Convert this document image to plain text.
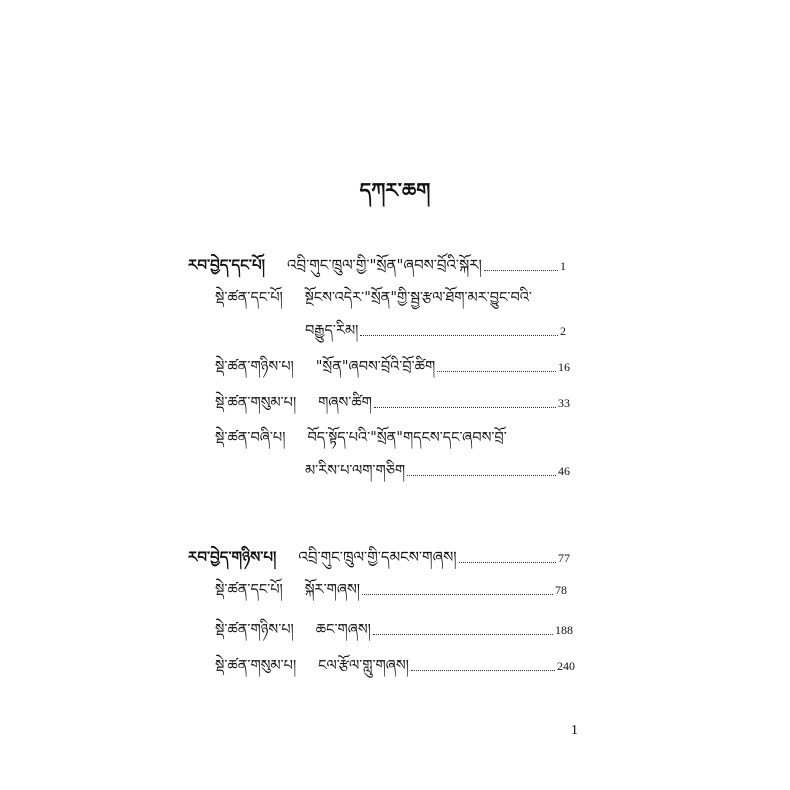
དཀར་ཆག
རབ་བྱེད་དང་པོ། འབྲི་གུང་ཁྲུལ་གྱི་"སྲོན"ཞབས་བྲོའི་སྐོར།	1
སྡེ་ཚན་དང་པོ། སྔོངས་འདེར་"སྲོན"གྱི་སྦྱ་རྩལ་ཐོག་མར་བྱུང་བའི་
བརྒྱུད་རིམ།	2
སྡེ་ཚན་གཉིས་པ། "སྲོན"ཞབས་བྲོའི་བྲོ་ཚིག	16
སྡེ་ཚན་གསུམ་པ། གཞས་ཚིག	33
སྡེ་ཚན་བཞི་པ། བོད་སྟོད་པའི་"སྲོན"གདངས་དང་ཞབས་བྲོ་
མ་རིས་པ་ལག་གཅིག	46
རབ་བྱེད་གཉིས་པ། འབྲི་གུང་ཁྲུལ་གྱི་དམངས་གཞས།	77
སྡེ་ཚན་དང་པོ། སྐོར་གཞས།	78
སྡེ་ཚན་གཉིས་པ། ཆང་གཞས།	188
སྡེ་ཚན་གསུམ་པ། ངལ་རྩོལ་གླུ་གཞས།	240
1
